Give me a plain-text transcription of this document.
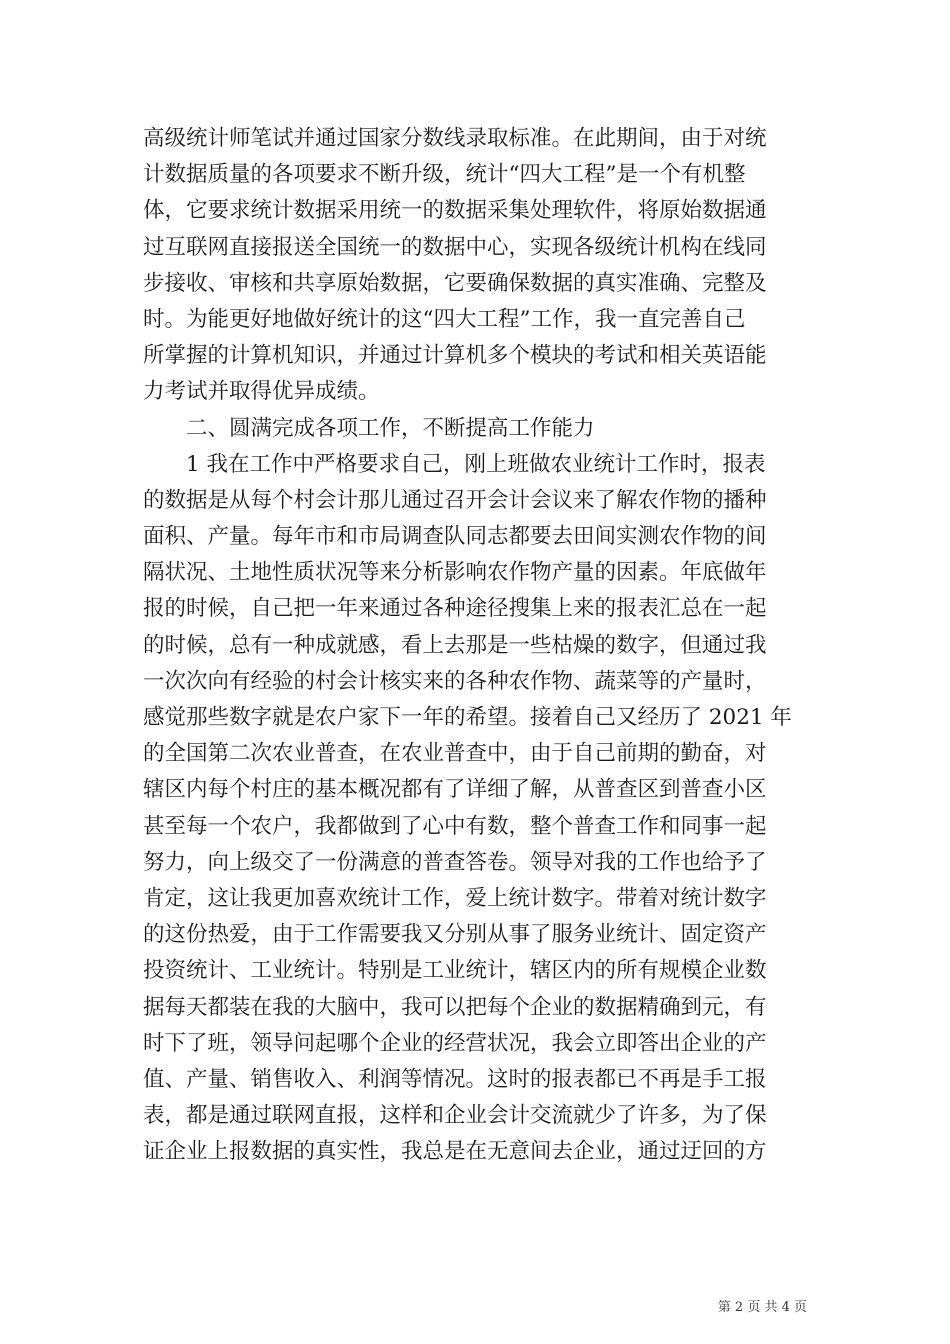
高级统计师笔试并通过国家分数线录取标准。在此期间，由于对统
计数据质量的各项要求不断升级，统计“四大工程”是一个有机整
体，它要求统计数据采用统一的数据采集处理软件，将原始数据通
过互联网直接报送全国统一的数据中心，实现各级统计机构在线同
步接收、审核和共享原始数据，它要确保数据的真实准确、完整及
时。为能更好地做好统计的这“四大工程”工作，我一直完善自己
所掌握的计算机知识，并通过计算机多个模块的考试和相关英语能
力考试并取得优异成绩。
二、圆满完成各项工作，不断提高工作能力
1 我在工作中严格要求自己，刚上班做农业统计工作时，报表
的数据是从每个村会计那儿通过召开会计会议来了解农作物的播种
面积、产量。每年市和市局调查队同志都要去田间实测农作物的间
隔状况、土地性质状况等来分析影响农作物产量的因素。年底做年
报的时候，自己把一年来通过各种途径搜集上来的报表汇总在一起
的时候，总有一种成就感，看上去那是一些枯燥的数字，但通过我
一次次向有经验的村会计核实来的各种农作物、蔬菜等的产量时，
感觉那些数字就是农户家下一年的希望。接着自己又经历了 2021 年
的全国第二次农业普查，在农业普查中，由于自己前期的勤奋，对
辖区内每个村庄的基本概况都有了详细了解，从普查区到普查小区
甚至每一个农户，我都做到了心中有数，整个普查工作和同事一起
努力，向上级交了一份满意的普查答卷。领导对我的工作也给予了
肯定，这让我更加喜欢统计工作，爱上统计数字。带着对统计数字
的这份热爱，由于工作需要我又分别从事了服务业统计、固定资产
投资统计、工业统计。特别是工业统计，辖区内的所有规模企业数
据每天都装在我的大脑中，我可以把每个企业的数据精确到元，有
时下了班，领导问起哪个企业的经营状况，我会立即答出企业的产
值、产量、销售收入、利润等情况。这时的报表都已不再是手工报
表，都是通过联网直报，这样和企业会计交流就少了许多，为了保
证企业上报数据的真实性，我总是在无意间去企业，通过迂回的方
第 2 页 共 4 页
